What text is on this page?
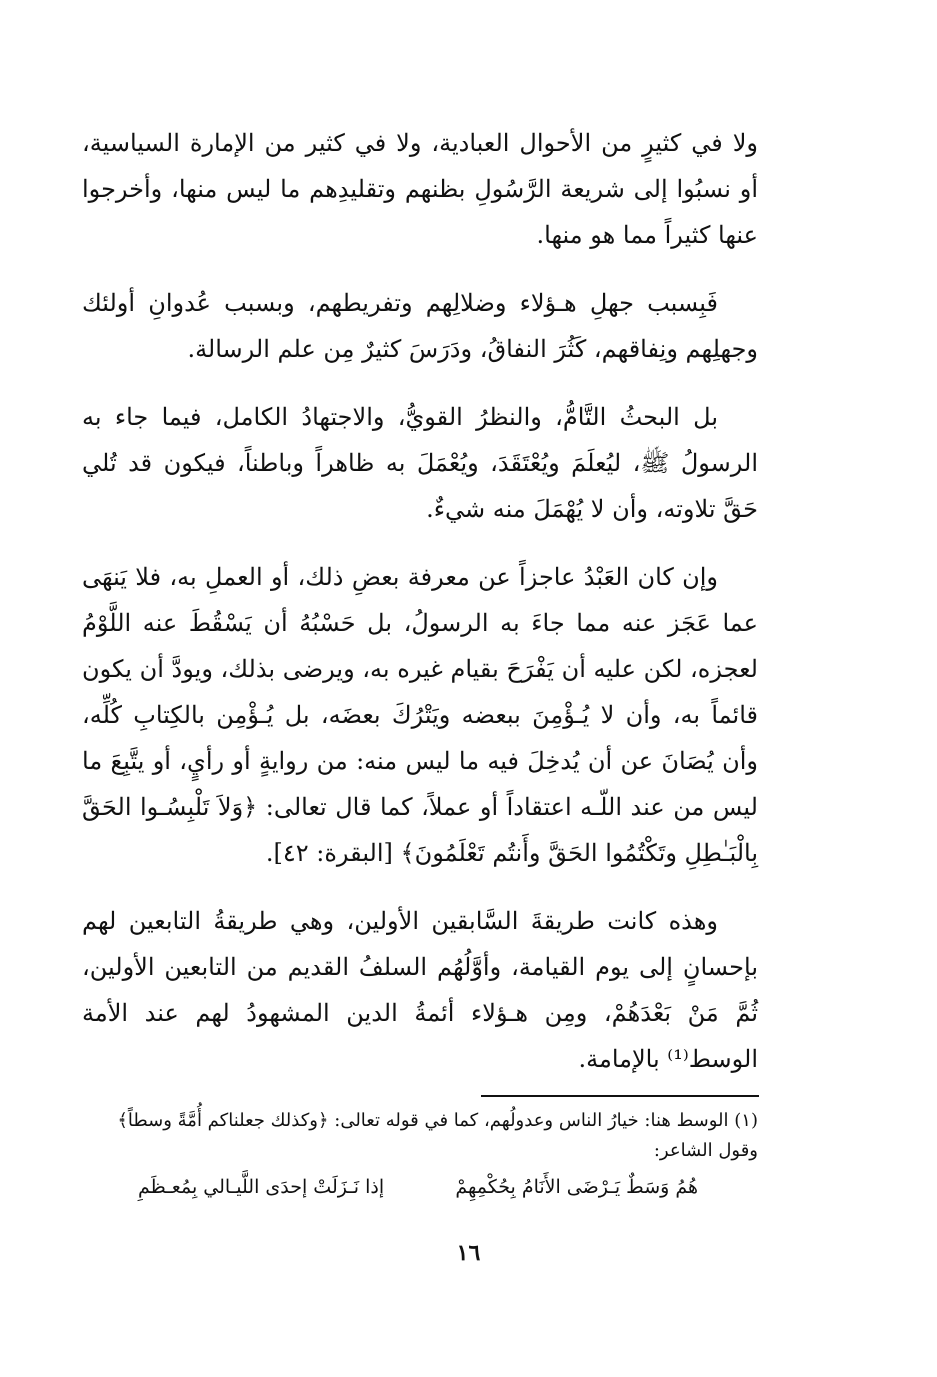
ولا في كثيرٍ من الأحوال العبادية، ولا في كثير من الإمارة السياسية، أو نسبُوا إلى شريعة الرَّسُولِ بظنهم وتقليدِهم ما ليس منها، وأخرجوا عنها كثيراً مما هو منها.

فَبِسبب جهلِ هـؤلاء وضلالِهم وتفريطهم، وبسبب عُدوانِ أولئك وجهلِهم ونِفاقهم، كَثُرَ النفاقُ، ودَرَسَ كثيرٌ مِن علم الرسالة.

بل البحثُ التَّامُّ، والنظرُ القويُّ، والاجتهادُ الكامل، فيما جاء به الرسولُ ﷺ، ليُعلَمَ ويُعْتَقَدَ، ويُعْمَلَ به ظاهراً وباطناً، فيكون قد تُلي حَقَّ تلاوته، وأن لا يُهْمَلَ منه شيءٌ.

وإن كان العَبْدُ عاجزاً عن معرفة بعضِ ذلك، أو العملِ به، فلا يَنهَى عما عَجَز عنه مما جاءَ به الرسولُ، بل حَسْبُهُ أن يَسْقُطَ عنه اللَّوْمُ لعجزه، لكن عليه أن يَفْرَحَ بقيام غيره به، ويرضى بذلك، ويودَّ أن يكون قائماً به، وأن لا يُـؤْمِنَ ببعضه ويَتْرُكَ بعضَه، بل يُـؤْمِن بالكِتابِ كُلِّه، وأن يُصَانَ عن أن يُدخِلَ فيه ما ليس منه: من روايةٍ أو رأيٍ، أو يتَّبِعَ ما ليس من عند اللّـه اعتقاداً أو عملاً، كما قال تعالى: ﴿وَلاَ تَلْبِسُـوا الحَقَّ بِالْبَـٰطِلِ وتَكْتُمُوا الحَقَّ وأَنتُم تَعْلَمُونَ﴾ [البقرة: ٤٢].

وهذه كانت طريقةَ السَّابقين الأولين، وهي طريقةُ التابعين لهم بإحسانٍ إلى يوم القيامة، وأوَّلُهُم السلفُ القديم من التابعين الأولين، ثُمَّ مَنْ بَعْدَهُمْ، ومِن هـؤلاء أئمةُ الدين المشهودُ لهم عند الأمة الوسط⁽¹⁾ بالإمامة.

(١) الوسط هنا: خيارُ الناس وعدولُهم، كما في قوله تعالى: ﴿وكذلك جعلناكم أُمَّةً وسطاً﴾

وقول الشاعر:

هُمُ وَسَطٌ يَـرْضَى الأَنَامُ بِحُكْمِهِمْ
إذا نَـزَلَتْ إحدَى اللَّيـالي بِمُعـظَمِ
١٦
